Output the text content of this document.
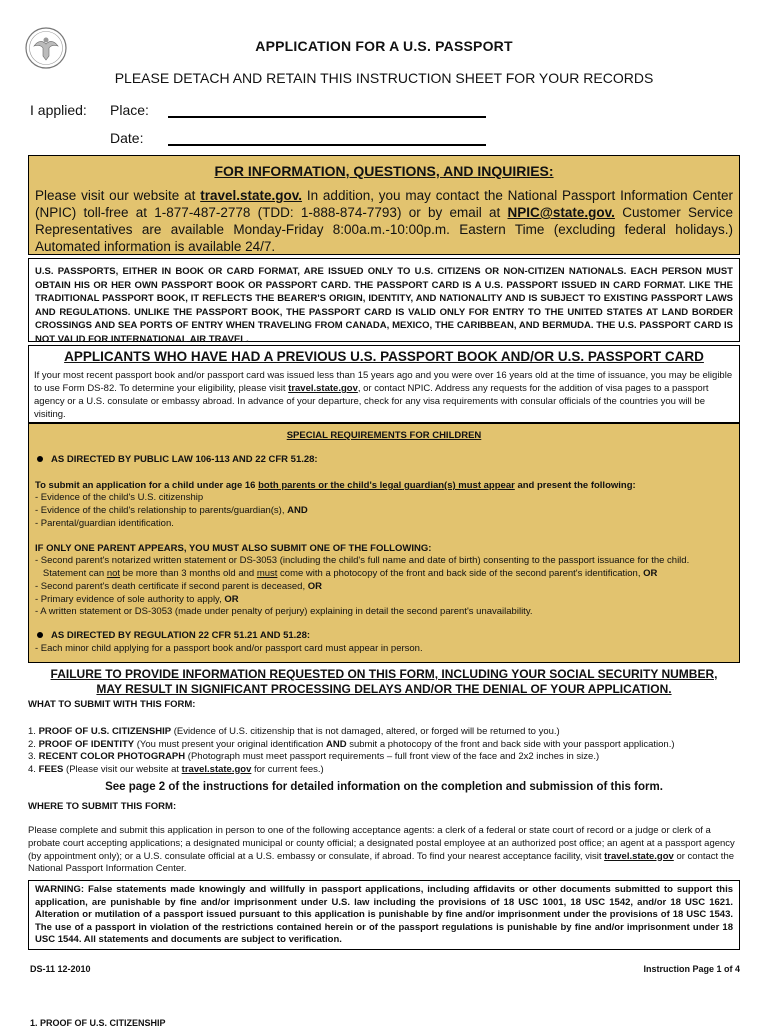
APPLICATION FOR A U.S. PASSPORT
PLEASE DETACH AND RETAIN THIS INSTRUCTION SHEET FOR YOUR RECORDS
I applied: Place:
Date:
FOR INFORMATION, QUESTIONS, AND INQUIRIES:
Please visit our website at travel.state.gov. In addition, you may contact the National Passport Information Center (NPIC) toll-free at 1-877-487-2778 (TDD: 1-888-874-7793) or by email at NPIC@state.gov. Customer Service Representatives are available Monday-Friday 8:00a.m.-10:00p.m. Eastern Time (excluding federal holidays.) Automated information is available 24/7.
U.S. PASSPORTS, EITHER IN BOOK OR CARD FORMAT, ARE ISSUED ONLY TO U.S. CITIZENS OR NON-CITIZEN NATIONALS. EACH PERSON MUST OBTAIN HIS OR HER OWN PASSPORT BOOK OR PASSPORT CARD. THE PASSPORT CARD IS A U.S. PASSPORT ISSUED IN CARD FORMAT. LIKE THE TRADITIONAL PASSPORT BOOK, IT REFLECTS THE BEARER'S ORIGIN, IDENTITY, AND NATIONALITY AND IS SUBJECT TO EXISTING PASSPORT LAWS AND REGULATIONS. UNLIKE THE PASSPORT BOOK, THE PASSPORT CARD IS VALID ONLY FOR ENTRY TO THE UNITED STATES AT LAND BORDER CROSSINGS AND SEA PORTS OF ENTRY WHEN TRAVELING FROM CANADA, MEXICO, THE CARIBBEAN, AND BERMUDA. THE U.S. PASSPORT CARD IS NOT VALID FOR INTERNATIONAL AIR TRAVEL.
APPLICANTS WHO HAVE HAD A PREVIOUS U.S. PASSPORT BOOK AND/OR U.S. PASSPORT CARD
If your most recent passport book and/or passport card was issued less than 15 years ago and you were over 16 years old at the time of issuance, you may be eligible to use Form DS-82. To determine your eligibility, please visit travel.state.gov, or contact NPIC. Address any requests for the addition of visa pages to a passport agency or a U.S. consulate or embassy abroad. In advance of your departure, check for any visa requirements with consular officials of the countries you will be visiting.
SPECIAL REQUIREMENTS FOR CHILDREN
AS DIRECTED BY PUBLIC LAW 106-113 AND 22 CFR 51.28:
To submit an application for a child under age 16 both parents or the child's legal guardian(s) must appear and present the following:
- Evidence of the child's U.S. citizenship
- Evidence of the child's relationship to parents/guardian(s), AND
- Parental/guardian identification.
IF ONLY ONE PARENT APPEARS, YOU MUST ALSO SUBMIT ONE OF THE FOLLOWING:
- Second parent's notarized written statement or DS-3053 (including the child's full name and date of birth) consenting to the passport issuance for the child.
Statement can not be more than 3 months old and must come with a photocopy of the front and back side of the second parent's identification, OR
- Second parent's death certificate if second parent is deceased, OR
- Primary evidence of sole authority to apply, OR
- A written statement or DS-3053 (made under penalty of perjury) explaining in detail the second parent's unavailability.
AS DIRECTED BY REGULATION 22 CFR 51.21 AND 51.28:
- Each minor child applying for a passport book and/or passport card must appear in person.
FAILURE TO PROVIDE INFORMATION REQUESTED ON THIS FORM, INCLUDING YOUR SOCIAL SECURITY NUMBER,
MAY RESULT IN SIGNIFICANT PROCESSING DELAYS AND/OR THE DENIAL OF YOUR APPLICATION.
WHAT TO SUBMIT WITH THIS FORM:
1. PROOF OF U.S. CITIZENSHIP (Evidence of U.S. citizenship that is not damaged, altered, or forged will be returned to you.)
2. PROOF OF IDENTITY (You must present your original identification AND submit a photocopy of the front and back side with your passport application.)
3. RECENT COLOR PHOTOGRAPH (Photograph must meet passport requirements – full front view of the face and 2x2 inches in size.)
4. FEES (Please visit our website at travel.state.gov for current fees.)
See page 2 of the instructions for detailed information on the completion and submission of this form.
WHERE TO SUBMIT THIS FORM:
Please complete and submit this application in person to one of the following acceptance agents: a clerk of a federal or state court of record or a judge or clerk of a probate court accepting applications; a designated municipal or county official; a designated postal employee at an authorized post office; an agent at a passport agency (by appointment only); or a U.S. consulate official at a U.S. embassy or consulate, if abroad. To find your nearest acceptance facility, visit travel.state.gov or contact the National Passport Information Center.
WARNING: False statements made knowingly and willfully in passport applications, including affidavits or other documents submitted to support this application, are punishable by fine and/or imprisonment under U.S. law including the provisions of 18 USC 1001, 18 USC 1542, and/or 18 USC 1621. Alteration or mutilation of a passport issued pursuant to this application is punishable by fine and/or imprisonment under the provisions of 18 USC 1543. The use of a passport in violation of the restrictions contained herein or of the passport regulations is punishable by fine and/or imprisonment under 18 USC 1544. All statements and documents are subject to verification.
DS-11 12-2010	Instruction Page 1 of 4
1. PROOF OF U.S. CITIZENSHIP
